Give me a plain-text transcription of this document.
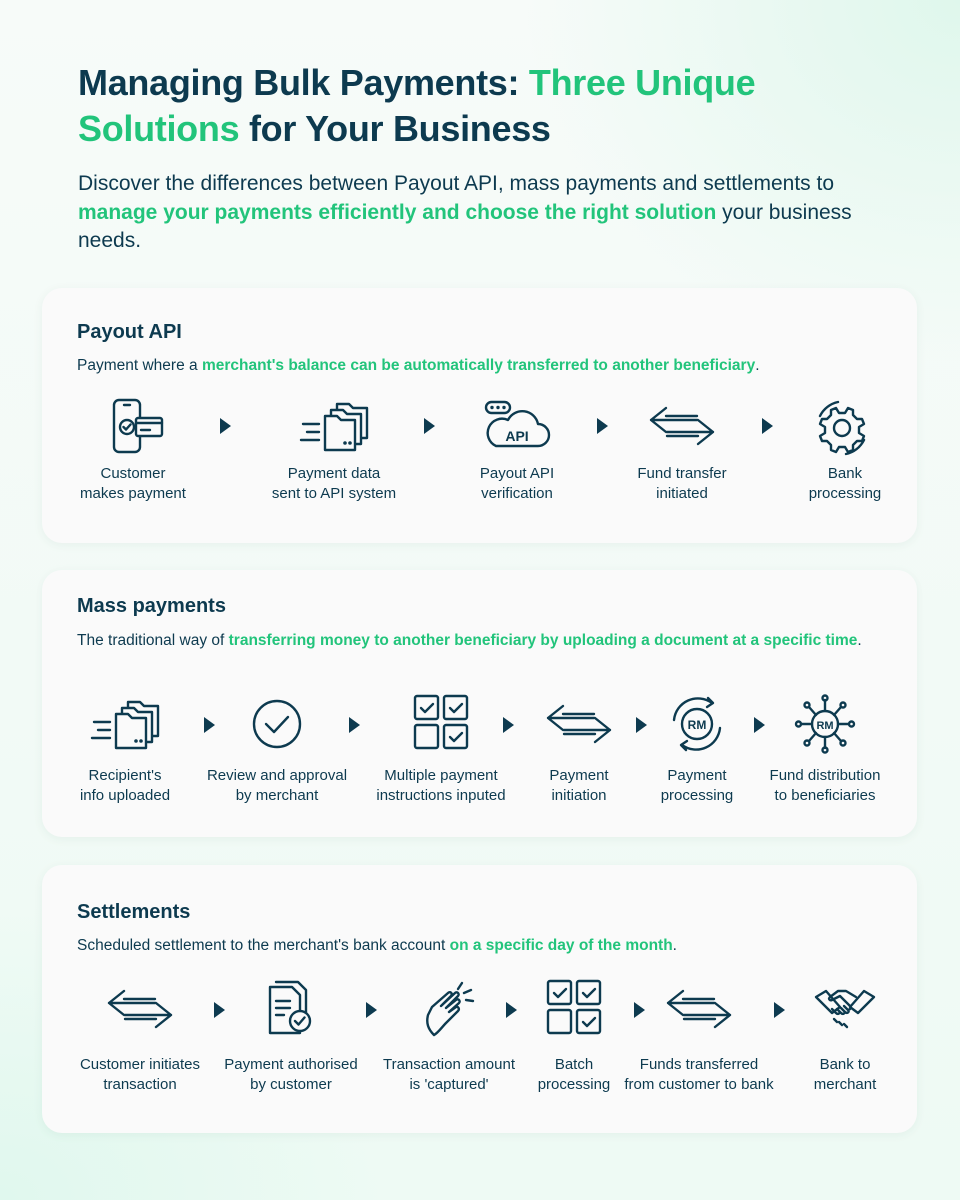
Managing Bulk Payments: Three Unique Solutions for Your Business

Discover the differences between Payout API, mass payments and settlements to manage your payments efficiently and choose the right solution your business needs.

Payout API

Payment where a merchant's balance can be automatically transferred to another beneficiary.

Customer
makes payment
Payment data
sent to API system
API
Payout API
verification
Fund transfer
initiated
Bank
processing
Mass payments

The traditional way of transferring money to another beneficiary by uploading a document at a specific time.

Recipient's
info uploaded
Review and approval
by merchant
Multiple payment
instructions inputed
Payment
initiation
RM
Payment
processing
RM
Fund distribution
to beneficiaries
Settlements

Scheduled settlement to the merchant's bank account on a specific day of the month.

Customer initiates
transaction
Payment authorised
by customer
Transaction amount
is 'captured'
Batch
processing
Funds transferred
from customer to bank
Bank to
merchant
